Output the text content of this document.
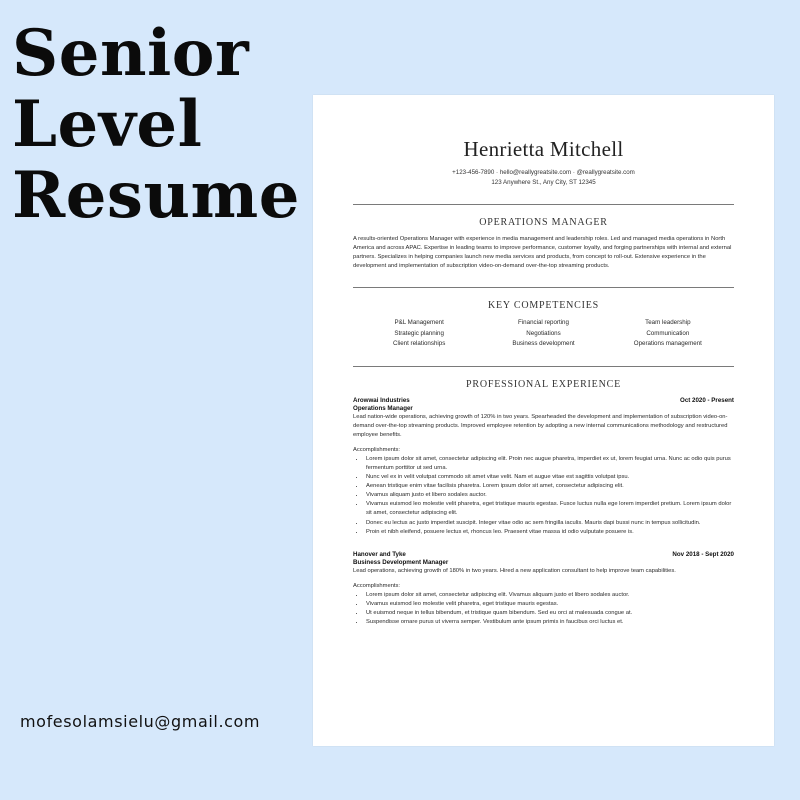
Senior
Level
Resume
mofesolamsielu@gmail.com
Henrietta Mitchell
+123-456-7890 · hello@reallygreatsite.com · @reallygreatsite.com
123 Anywhere St., Any City, ST 12345
OPERATIONS MANAGER
A results-oriented Operations Manager with experience in media management and leadership roles. Led and managed media operations in North America and across APAC. Expertise in leading teams to improve performance, customer loyalty, and forging partnerships with internal and external partners. Specializes in helping companies launch new media services and products, from concept to roll-out. Extensive experience in the development and implementation of subscription video-on-demand over-the-top streaming products.
KEY COMPETENCIES
P&L Management	Financial reporting	Team leadership
Strategic planning	Negotiations	Communication
Client relationships	Business development	Operations management
PROFESSIONAL EXPERIENCE
Arowwai Industries	Oct 2020 - Present
Operations Manager
Lead nation-wide operations, achieving growth of 120% in two years. Spearheaded the development and implementation of subscription video-on-demand over-the-top streaming products. Improved employee retention by adopting a new internal communications methodology and restructured employee benefits.
Accomplishments:
• Lorem ipsum dolor sit amet, consectetur adipiscing elit. Proin nec augue pharetra, imperdiet ex ut, lorem feugiat urna. Nunc ac odio quis purus fermentum porttitor ut sed urna.
• Nunc vel ex in velit volutpat commodo sit amet vitae velit. Nam et augue vitae est sagittis volutpat ipsu.
• Aenean tristique enim vitae facilisis pharetra. Lorem ipsum dolor sit amet, consectetur adipiscing elit.
• Vivamus aliquam justo et libero sodales auctor.
• Vivamus euismod leo molestie velit pharetra, eget tristique mauris egestas. Fusce luctus nulla ege lorem imperdiet pretium. Lorem ipsum dolor sit amet, consectetur adipiscing elit.
• Donec eu lectus ac justo imperdiet suscipit. Integer vitae odio ac sem fringilla iaculis. Mauris dapi bussi nunc in tempus sollicitudin.
• Proin et nibh eleifend, posuere lectus et, rhoncus leo. Praesent vitae massa id odio vulputate posuere is.
Hanover and Tyke	Nov 2018 - Sept 2020
Business Development Manager
Lead operations, achieving growth of 180% in two years. Hired a new application consultant to help improve team capabilities.
Accomplishments:
• Lorem ipsum dolor sit amet, consectetur adipiscing elit. Vivamus aliquam justo et libero sodales auctor.
• Vivamus euismod leo molestie velit pharetra, eget tristique mauris egestas.
• Ut euismod neque in tellus bibendum, et tristique quam bibendum. Sed eu orci at malesuada congue at.
• Suspendisse ornare purus ut viverra semper. Vestibulum ante ipsum primis in faucibus orci luctus et.
